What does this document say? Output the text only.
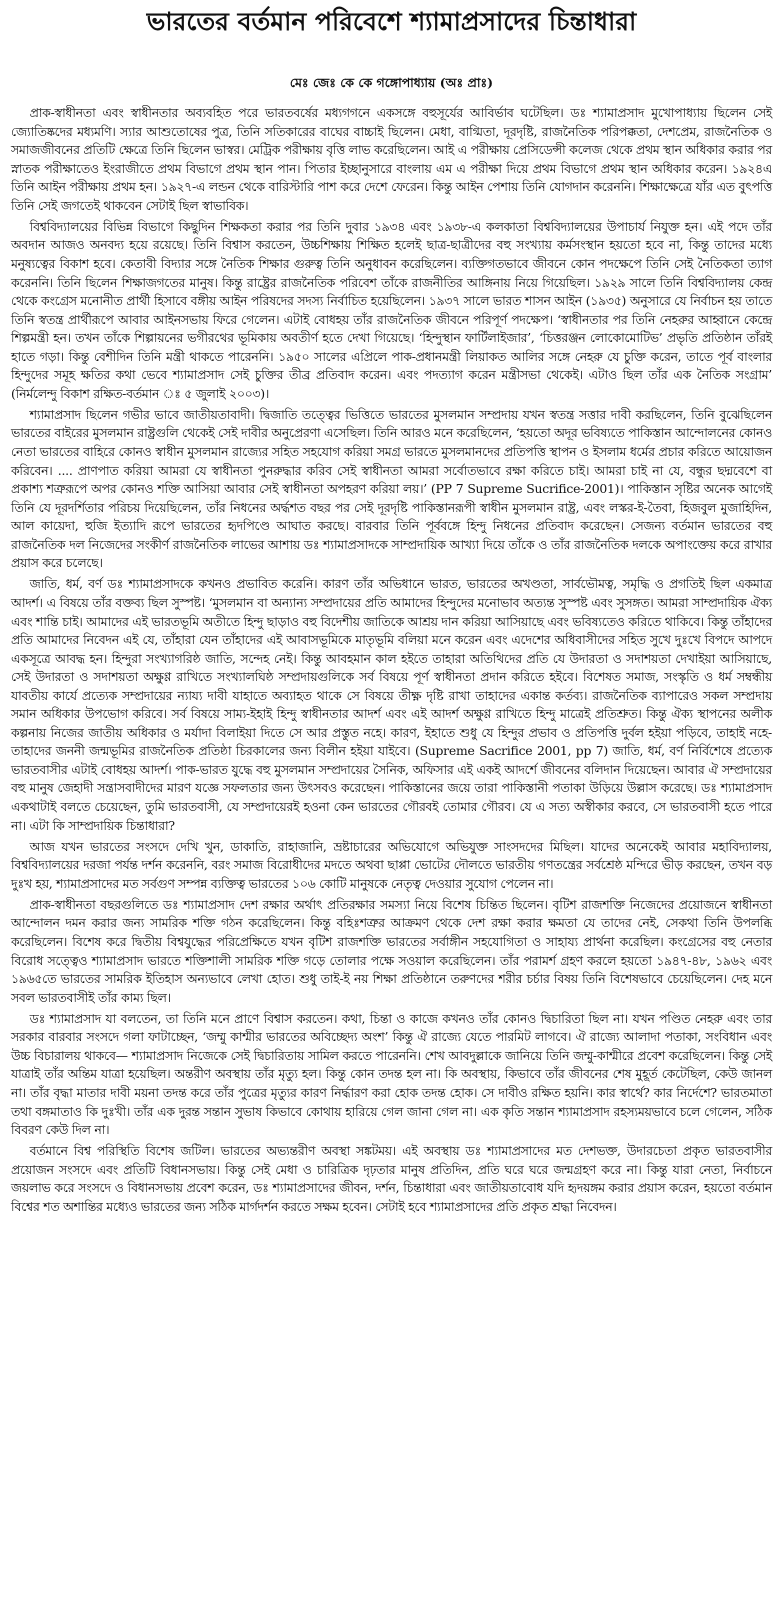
ভারতের বর্তমান পরিবেশে শ্যামাপ্রসাদের চিন্তাধারা
মেঃ জেঃ কে কে গঙ্গোপাধ্যায় (অঃ প্রাঃ)

প্রাক-স্বাধীনতা এবং স্বাধীনতার অব্যবহিত পরে ভারতবর্ষের মধ্যগগনে একসঙ্গে বহুসূর্যের আবির্ভাব ঘটেছিল। ডঃ শ্যামাপ্রসাদ মুখোপাধ্যায় ছিলেন সেই জ্যোতিষ্কদের মধ্যমণি। স্যার আশুতোষের পুত্র, তিনি সতিকারের বাঘের বাচ্চাই ছিলেন। মেধা, বাগ্মিতা, দূরদৃষ্টি, রাজনৈতিক পরিপক্কতা, দেশপ্রেম, রাজনৈতিক ও সমাজজীবনের প্রতিটি ক্ষেত্রে তিনি ছিলেন ভাস্বর। মেট্রিক পরীক্ষায় বৃত্তি লাভ করেছিলেন। আই এ পরীক্ষায় প্রেসিডেন্সী কলেজ থেকে প্রথম স্থান অধিকার করার পর স্নাতক পরীক্ষাতেও ইংরাজীতে প্রথম বিভাগে প্রথম স্থান পান। পিতার ইচ্ছানুসারে বাংলায় এম এ পরীক্ষা দিয়ে প্রথম বিভাগে প্রথম স্থান অধিকার করেন। ১৯২৪এ তিনি আইন পরীক্ষায় প্রথম হন। ১৯২৭-এ লন্ডন থেকে বারিস্টারি পাশ করে দেশে ফেরেন। কিন্তু আইন পেশায় তিনি যোগদান করেননি। শিক্ষাক্ষেত্রে যাঁর এত বুৎপত্তি তিনি সেই জগতেই থাকবেন সেটাই ছিল স্বাভাবিক।

বিশ্ববিদ্যালয়ের বিভিন্ন বিভাগে কিছুদিন শিক্ষকতা করার পর তিনি দুবার ১৯৩৪ এবং ১৯৩৮-এ কলকাতা বিশ্ববিদ্যালয়ের উপাচার্য নিযুক্ত হন। এই পদে তাঁর অবদান আজও অনবদ্য হয়ে রয়েছে। তিনি বিশ্বাস করতেন, উচ্চশিক্ষায় শিক্ষিত হলেই ছাত্র-ছাত্রীদের বহু সংখ্যায় কর্মসংস্থান হয়তো হবে না, কিন্তু তাদের মধ্যে মনুষ্যত্বের বিকাশ হবে। কেতাবী বিদ্যার সঙ্গে নৈতিক শিক্ষার গুরুত্ব তিনি অনুধাবন করেছিলেন। ব্যক্তিগতভাবে জীবনে কোন পদক্ষেপে তিনি সেই নৈতিকতা ত্যাগ করেননি। তিনি ছিলেন শিক্ষাজগতের মানুষ। কিন্তু রাষ্ট্রের রাজনৈতিক পরিবেশ তাঁকে রাজনীতির আঙ্গিনায় নিয়ে গিয়েছিল। ১৯২৯ সালে তিনি বিশ্ববিদ্যালয় কেন্দ্র থেকে কংগ্রেস মনোনীত প্রার্থী হিসাবে বঙ্গীয় আইন পরিষদের সদস্য নির্বাচিত হয়েছিলেন। ১৯৩৭ সালে ভারত শাসন আইন (১৯৩৫) অনুসারে যে নির্বাচন হয় তাতে তিনি স্বতন্ত্র প্রার্থীরূপে আবার আইনসভায় ফিরে গেলেন। এটাই বোধহয় তাঁর রাজনৈতিক জীবনে পরিপূর্ণ পদক্ষেপ। ‘স্বাধীনতার পর তিনি নেহরুর আহ্বানে কেন্দ্রে শিল্পমন্ত্রী হন। তখন তাঁকে শিল্পায়নের ভগীরথের ভূমিকায় অবতীর্ণ হতে দেখা গিয়েছে। ‘হিন্দুস্থান ফার্টিলাইজার’, ‘চিত্তরঞ্জন লোকোমোটিভ’ প্রভৃতি প্রতিষ্ঠান তাঁরই হাতে গড়া। কিন্তু বেশীদিন তিনি মন্ত্রী থাকতে পারেননি। ১৯৫০ সালের এপ্রিলে পাক-প্রধানমন্ত্রী লিয়াকত আলির সঙ্গে নেহরু যে চুক্তি করেন, তাতে পূর্ব বাংলার হিন্দুদের সমূহ ক্ষতির কথা ভেবে শ্যামাপ্রসাদ সেই চুক্তির তীব্র প্রতিবাদ করেন। এবং পদত্যাগ করেন মন্ত্রীসভা থেকেই। এটাও ছিল তাঁর এক নৈতিক সংগ্রাম’ (নির্মলেন্দু বিকাশ রক্ষিত-বর্তমান ঃ ৫ জুলাই ২০০৩)।

শ্যামাপ্রসাদ ছিলেন গভীর ভাবে জাতীয়তাবাদী। দ্বিজাতি তত্ত্বের ভিত্তিতে ভারতের মুসলমান সম্প্রদায় যখন স্বতন্ত্র সত্তার দাবী করছিলেন, তিনি বুঝেছিলেন ভারতের বাইরের মুসলমান রাষ্ট্রগুলি থেকেই সেই দাবীর অনুপ্রেরণা এসেছিল। তিনি আরও মনে করেছিলেন, ‘হয়তো অদূর ভবিষ্যতে পাকিস্তান আন্দোলনের কোনও নেতা ভারতের বাহিরে কোনও স্বাধীন মুসলমান রাজ্যের সহিত সহযোগ করিয়া সমগ্র ভারতে মুসলমানদের প্রতিপত্তি স্থাপন ও ইসলাম ধর্মের প্রচার করিতে আয়োজন করিবেন। .... প্রাণপাত করিয়া আমরা যে স্বাধীনতা পুনরুদ্ধার করিব সেই স্বাধীনতা আমরা সর্বোতভাবে রক্ষা করিতে চাই। আমরা চাই না যে, বন্ধুর ছদ্মবেশে বা প্রকাশ্য শত্রুরূপে অপর কোনও শক্তি আসিয়া আবার সেই স্বাধীনতা অপহরণ করিয়া লয়।’ (PP 7 Supreme Sucrifice-2001)। পাকিস্তান সৃষ্টির অনেক আগেই তিনি যে দূরদর্শিতার পরিচয় দিয়েছিলেন, তাঁর নিধনের অর্দ্ধশত বছর পর সেই দূরদৃষ্টি পাকিস্তানরূপী স্বাধীন মুসলমান রাষ্ট্র, এবং লস্কর-ই-তৈবা, হিজবুল মুজাহিদিন, আল কায়েদা, হুজি ইত্যাদি রূপে ভারতের হৃদপিণ্ডে আঘাত করছে। বারবার তিনি পূর্ববঙ্গে হিন্দু নিধনের প্রতিবাদ করেছেন। সেজন্য বর্তমান ভারতের বহু রাজনৈতিক দল নিজেদের সংকীর্ণ রাজনৈতিক লাভের আশায় ডঃ শ্যামাপ্রসাদকে সাম্প্রদায়িক আখ্যা দিয়ে তাঁকে ও তাঁর রাজনৈতিক দলকে অপাংক্তেয় করে রাখার প্রয়াস করে চলেছে।

জাতি, ধর্ম, বর্ণ ডঃ শ্যামাপ্রসাদকে কখনও প্রভাবিত করেনি। কারণ তাঁর অভিধানে ভারত, ভারতের অখণ্ডতা, সার্বভৌমত্ব, সমৃদ্ধি ও প্রগতিই ছিল একমাত্র আদর্শ। এ বিষয়ে তাঁর বক্তব্য ছিল সুস্পষ্ট। ‘মুসলমান বা অন্যান্য সম্প্রদায়ের প্রতি আমাদের হিন্দুদের মনোভাব অত্যন্ত সুস্পষ্ট এবং সুসঙ্গত। আমরা সাম্প্রদায়িক ঐক্য এবং শান্তি চাই। আমাদের এই ভারতভূমি অতীতে হিন্দু ছাড়াও বহু বিদেশীয় জাতিকে আশ্রয় দান করিয়া আসিয়াছে এবং ভবিষ্যতেও করিতে থাকিবে। কিন্তু তাঁহাদের প্রতি আমাদের নিবেদন এই যে, তাঁহারা যেন তাঁহাদের এই আবাসভূমিকে মাতৃভূমি বলিয়া মনে করেন এবং এদেশের অধিবাসীদের সহিত সুখে দুঃখে বিপদে আপদে একসূত্রে আবদ্ধ হন। হিন্দুরা সংখ্যাগরিষ্ঠ জাতি, সন্দেহ নেই। কিন্তু আবহমান কাল হইতে তাহারা অতিথিদের প্রতি যে উদারতা ও সদাশয়তা দেখাইয়া আসিয়াছে, সেই উদারতা ও সদাশয়তা অক্ষুণ্ণ রাখিতে সংখ্যালঘিষ্ঠ সম্প্রদায়গুলিকে সর্ব বিষয়ে পূর্ণ স্বাধীনতা প্রদান করিতে হইবে। বিশেষত সমাজ, সংস্কৃতি ও ধর্ম সম্বন্ধীয় যাবতীয় কার্যে প্রত্যেক সম্প্রদায়ের ন্যায্য দাবী যাহাতে অব্যাহত থাকে সে বিষয়ে তীক্ষ্ণ দৃষ্টি রাখা তাহাদের একান্ত কর্তব্য। রাজনৈতিক ব্যাপারেও সকল সম্প্রদায় সমান অধিকার উপভোগ করিবে। সর্ব বিষয়ে সাম্য-ইহাই হিন্দু স্বাধীনতার আদর্শ এবং এই আদর্শ অক্ষুণ্ণ রাখিতে হিন্দু মাত্রেই প্রতিশ্রুত। কিন্তু ঐক্য স্থাপনের অলীক কল্পনায় নিজের জাতীয় অধিকার ও মর্যাদা বিলাইয়া দিতে সে আর প্রস্তুত নহে। কারণ, ইহাতে শুধু যে হিন্দুর প্রভাব ও প্রতিপত্তি দুর্বল হইয়া পড়িবে, তাহাই নহে- তাহাদের জননী জন্মভূমির রাজনৈতিক প্রতিষ্ঠা চিরকালের জন্য বিলীন হইয়া যাইবে। (Supreme Sacrifice 2001, pp 7) জাতি, ধর্ম, বর্ণ নির্বিশেষে প্রত্যেক ভারতবাসীর এটাই বোধহয় আদর্শ। পাক-ভারত যুদ্ধে বহু মুসলমান সম্প্রদায়ের সৈনিক, অফিসার এই একই আদর্শে জীবনের বলিদান দিয়েছেন। আবার ঐ সম্প্রদায়ের বহু মানুষ জেহাদী সন্ত্রাসবাদীদের মারণ যজ্ঞে সফলতার জন্য উৎসবও করেছেন। পাকিস্তানের জয়ে তারা পাকিস্তানী পতাকা উড়িয়ে উল্লাস করেছে। ডঃ শ্যামাপ্রসাদ একথাটাই বলতে চেয়েছেন, তুমি ভারতবাসী, যে সম্প্রদায়েরই হওনা কেন ভারতের গৌরবই তোমার গৌরব। যে এ সত্য অস্বীকার করবে, সে ভারতবাসী হতে পারে না। এটা কি সাম্প্রদায়িক চিন্তাধারা?

আজ যখন ভারতের সংসদে দেখি খুন, ডাকাতি, রাহাজানি, ভ্রষ্টাচারের অভিযোগে অভিযুক্ত সাংসদদের মিছিল। যাদের অনেকেই আবার মহাবিদ্যালয়, বিশ্ববিদ্যালয়ের দরজা পর্যন্ত দর্শন করেননি, বরং সমাজ বিরোধীদের মদতে অথবা ছাপ্পা ভোটের দৌলতে ভারতীয় গণতন্ত্রের সর্বশ্রেষ্ঠ মন্দিরে ভীড় করছেন, তখন বড় দুঃখ হয়, শ্যামাপ্রসাদের মত সর্বগুণ সম্পন্ন ব্যক্তিত্ব ভারতের ১০৬ কোটি মানুষকে নেতৃত্ব দেওয়ার সুযোগ পেলেন না।

প্রাক-স্বাধীনতা বছরগুলিতে ডঃ শ্যামাপ্রসাদ দেশ রক্ষার অর্থাৎ প্রতিরক্ষার সমস্যা নিয়ে বিশেষ চিন্তিত ছিলেন। বৃটিশ রাজশক্তি নিজেদের প্রয়োজনে স্বাধীনতা আন্দোলন দমন করার জন্য সামরিক শক্তি গঠন করেছিলেন। কিন্তু বহিঃশত্রুর আক্রমণ থেকে দেশ রক্ষা করার ক্ষমতা যে তাদের নেই, সেকথা তিনি উপলব্ধি করেছিলেন। বিশেষ করে দ্বিতীয় বিশ্বযুদ্ধের পরিপ্রেক্ষিতে যখন বৃটিশ রাজশক্তি ভারতের সর্বাঙ্গীন সহযোগিতা ও সাহায্য প্রার্থনা করেছিল। কংগ্রেসের বহু নেতার বিরোধ সত্ত্বেও শ্যামাপ্রসাদ ভারতে শক্তিশালী সামরিক শক্তি গড়ে তোলার পক্ষে সওয়াল করেছিলেন। তাঁর পরামর্শ গ্রহণ করলে হয়তো ১৯৪৭-৪৮, ১৯৬২ এবং ১৯৬৫তে ভারতের সামরিক ইতিহাস অন্যভাবে লেখা হোত। শুধু তাই-ই নয় শিক্ষা প্রতিষ্ঠানে তরুণদের শরীর চর্চার বিষয় তিনি বিশেষভাবে চেয়েছিলেন। দেহ মনে সবল ভারতবাসীই তাঁর কাম্য ছিল।

ডঃ শ্যামাপ্রসাদ যা বলতেন, তা তিনি মনে প্রাণে বিশ্বাস করতেন। কথা, চিন্তা ও কাজে কখনও তাঁর কোনও দ্বিচারিতা ছিল না। যখন পণ্ডিত নেহরু এবং তার সরকার বারবার সংসদে গলা ফাটাচ্ছেন, ‘জম্মু কাশ্মীর ভারতের অবিচ্ছেদ্য অংশ’ কিন্তু ঐ রাজ্যে যেতে পারমিট লাগবে। ঐ রাজ্যে আলাদা পতাকা, সংবিধান এবং উচ্চ বিচারালয় থাকবে— শ্যামাপ্রসাদ নিজেকে সেই দ্বিচারিতায় সামিল করতে পারেননি। শেখ আবদুল্লাকে জানিয়ে তিনি জম্মু-কাশ্মীরে প্রবেশ করেছিলেন। কিন্তু সেই যাত্রাই তাঁর অন্তিম যাত্রা হয়েছিল। অন্তরীণ অবস্থায় তাঁর মৃত্যু হল। কিন্তু কোন তদন্ত হল না। কি অবস্থায়, কিভাবে তাঁর জীবনের শেষ মুহূর্ত কেটেছিল, কেউ জানল না। তাঁর বৃদ্ধা মাতার দাবী ময়না তদন্ত করে তাঁর পুত্রের মৃত্যুর কারণ নির্দ্ধারণ করা হোক তদন্ত হোক। সে দাবীও রক্ষিত হয়নি। কার স্বার্থে? কার নির্দেশে? ভারতমাতা তথা বঙ্গমাতাও কি দুঃখী। তাঁর এক দুরন্ত সন্তান সুভাষ কিভাবে কোথায় হারিয়ে গেল জানা গেল না। এক কৃতি সন্তান শ্যামাপ্রসাদ রহস্যময়ভাবে চলে গেলেন, সঠিক বিবরণ কেউ দিল না।

বর্তমানে বিশ্ব পরিস্থিতি বিশেষ জটিল। ভারতের অভ্যন্তরীণ অবস্থা সঙ্কটময়। এই অবস্থায় ডঃ শ্যামাপ্রসাদের মত দেশভক্ত, উদারচেতা প্রকৃত ভারতবাসীর প্রয়োজন সংসদে এবং প্রতিটি বিধানসভায়। কিন্তু সেই মেধা ও চারিত্রিক দৃঢ়তার মানুষ প্রতিদিন, প্রতি ঘরে ঘরে জন্মগ্রহণ করে না। কিন্তু যারা নেতা, নির্বাচনে জয়লাভ করে সংসদে ও বিধানসভায় প্রবেশ করেন, ডঃ শ্যামাপ্রসাদের জীবন, দর্শন, চিন্তাধারা এবং জাতীয়তাবোধ যদি হৃদয়ঙ্গম করার প্রয়াস করেন, হয়তো বর্তমান বিশ্বের শত অশান্তির মধ্যেও ভারতের জন্য সঠিক মার্গদর্শন করতে সক্ষম হবেন। সেটাই হবে শ্যামাপ্রসাদের প্রতি প্রকৃত শ্রদ্ধা নিবেদন।
